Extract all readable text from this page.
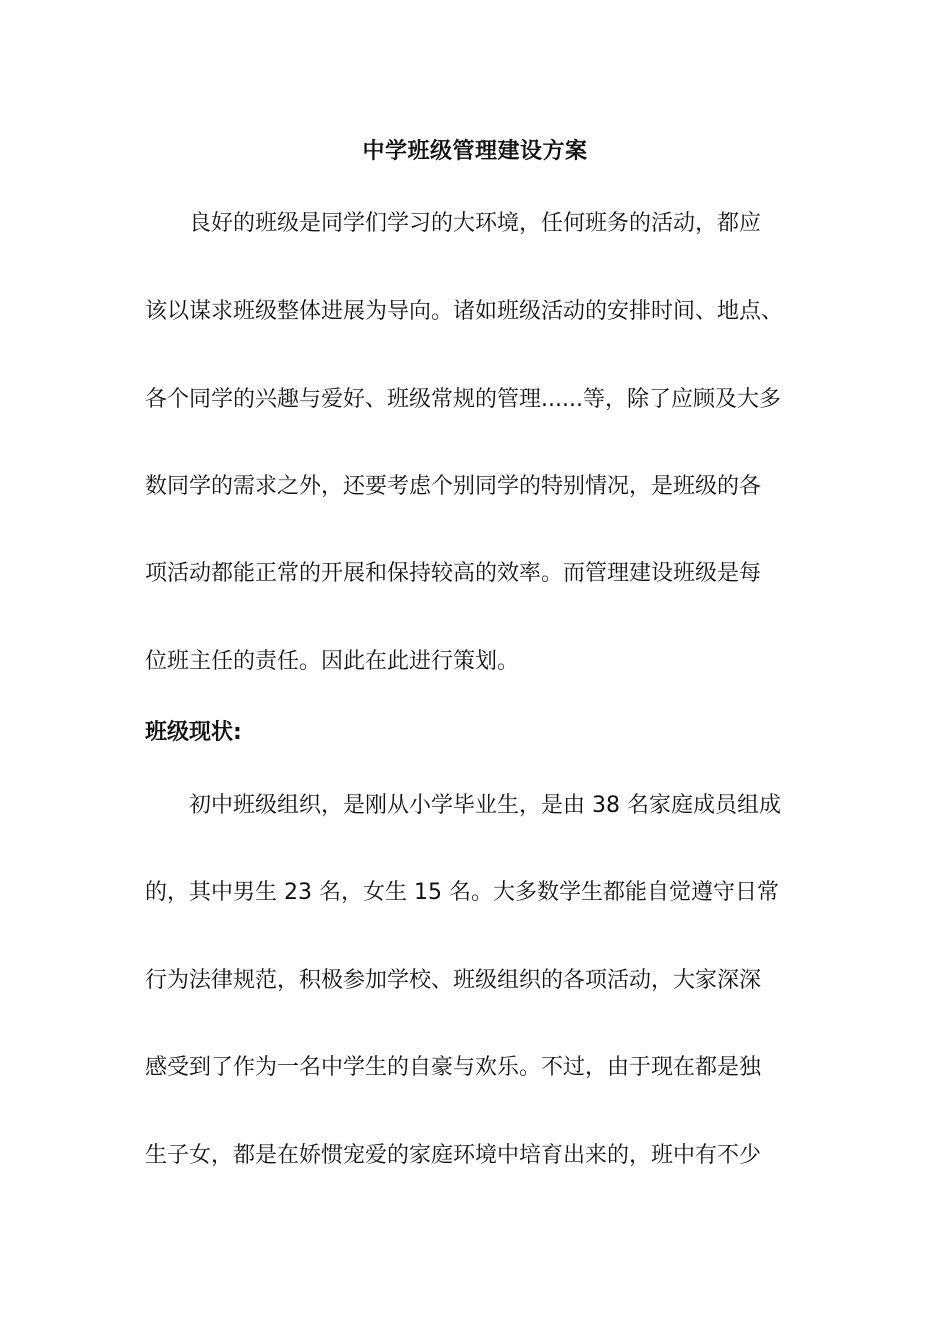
中学班级管理建设方案
良好的班级是同学们学习的大环境，任何班务的活动，都应
该以谋求班级整体进展为导向。诸如班级活动的安排时间、地点、
各个同学的兴趣与爱好、班级常规的管理......等，除了应顾及大多
数同学的需求之外，还要考虑个别同学的特别情况，是班级的各
项活动都能正常的开展和保持较高的效率。而管理建设班级是每
位班主任的责任。因此在此进行策划。
班级现状:
初中班级组织，是刚从小学毕业生，是由 38 名家庭成员组成
的，其中男生 23 名，女生 15 名。大多数学生都能自觉遵守日常
行为法律规范，积极参加学校、班级组织的各项活动，大家深深
感受到了作为一名中学生的自豪与欢乐。不过，由于现在都是独
生子女，都是在娇惯宠爱的家庭环境中培育出来的，班中有不少
